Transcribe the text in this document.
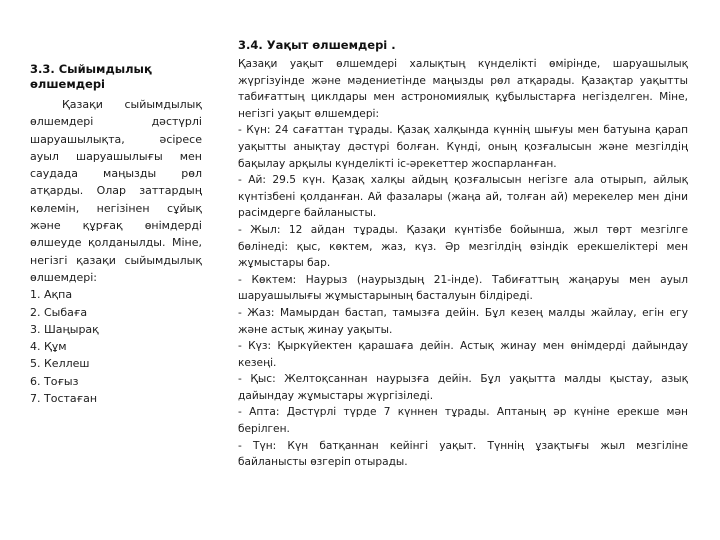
3.3. Сыйымдылық өлшемдері

Қазақи сыйымдылық өлшемдері дәстүрлі шаруашылықта, әсіресе ауыл шаруашылығы мен саудада маңызды рөл атқарды. Олар заттардың көлемін, негізінен сұйық және құрғақ өнімдерді өлшеуде қолданылды. Міне, негізгі қазақи сыйымдылық өлшемдері:

1. Ақпа
2. Сыбаға
3. Шаңырақ
4. Құм
5. Келлеш
6. Тоғыз
7. Тостаған

3.4. Уақыт өлшемдері .

Қазақи уақыт өлшемдері халықтың күнделікті өмірінде, шаруашылық жүргізуінде және мәдениетінде маңызды рөл атқарады. Қазақтар уақытты табиғаттың циклдары мен астрономиялық құбылыстарға негізделген. Міне, негізгі уақыт өлшемдері:

- Күн: 24 сағаттан тұрады. Қазақ халқында күннің шығуы мен батуына қарап уақытты анықтау дәстүрі болған. Күнді, оның қозғалысын және мезгілдің бақылау арқылы күнделікті іс-әрекеттер жоспарланған.

- Ай: 29.5 күн. Қазақ халқы айдың қозғалысын негізге ала отырып, айлық күнтізбені қолданған. Ай фазалары (жаңа ай, толған ай) мерекелер мен діни расімдерге байланысты.

- Жыл: 12 айдан тұрады. Қазақи күнтізбе бойынша, жыл төрт мезгілге бөлінеді: қыс, көктем, жаз, күз. Әр мезгілдің өзіндік ерекшеліктері мен жұмыстары бар.

- Көктем: Наурыз (наурыздың 21-інде). Табиғаттың жаңаруы мен ауыл шаруашылығы жұмыстарының басталуын білдіреді.

- Жаз: Мамырдан бастап, тамызға дейін. Бұл кезең малды жайлау, егін егу және астық жинау уақыты.

- Күз: Қыркүйектен қарашаға дейін. Астық жинау мен өнімдерді дайындау кезеңі.

- Қыс: Желтоқсаннан наурызға дейін. Бұл уақытта малды қыстау, азық дайындау жұмыстары жүргізіледі.

- Апта: Дәстүрлі түрде 7 күннен тұрады. Аптаның әр күніне ерекше мән берілген.

- Түн: Күн батқаннан кейінгі уақыт. Түннің ұзақтығы жыл мезгіліне байланысты өзгеріп отырады.
